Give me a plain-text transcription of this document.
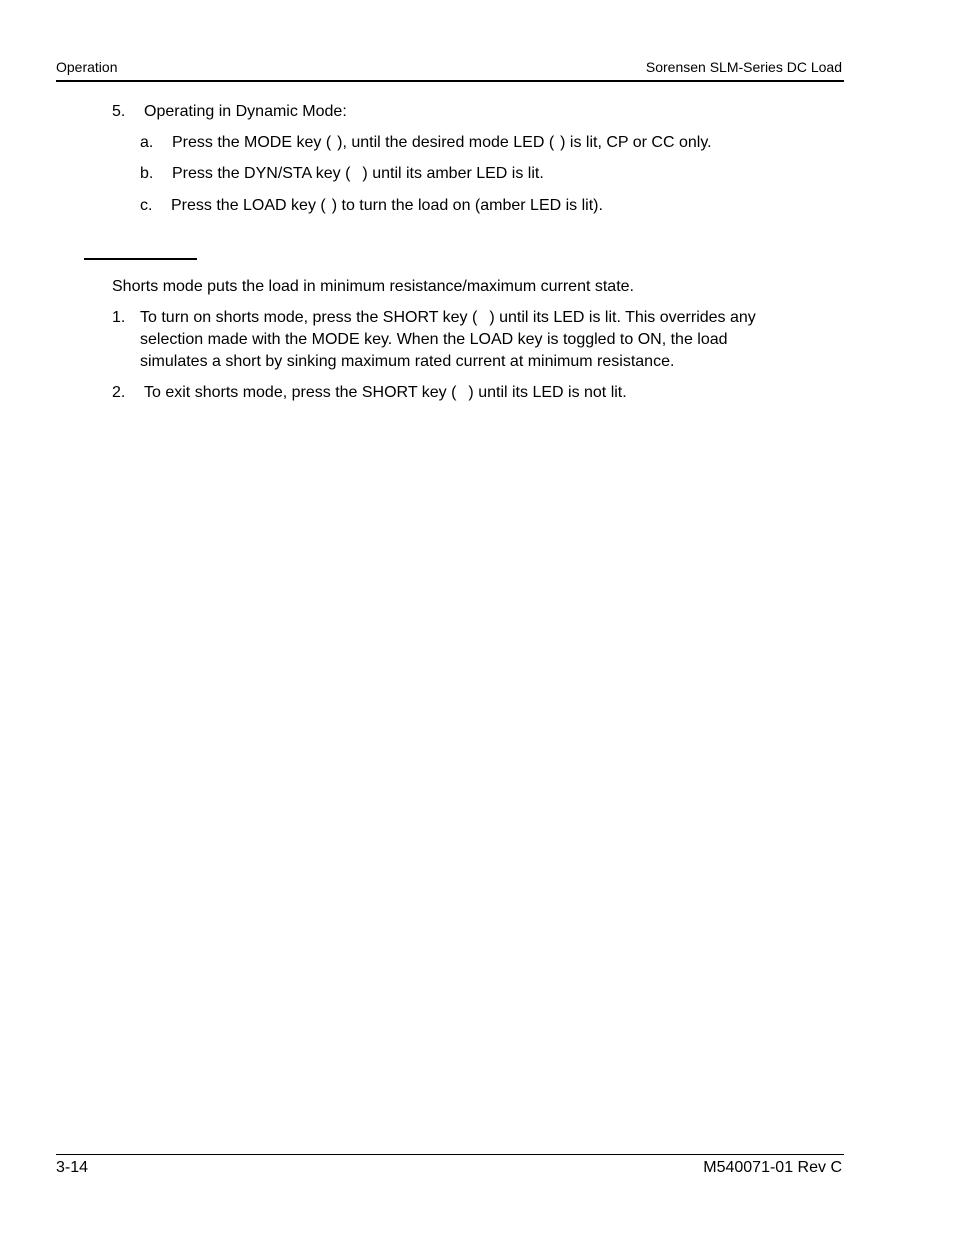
Operation	Sorensen SLM-Series DC Load
5. Operating in Dynamic Mode:
a. Press the MODE key ( ), until the desired mode LED ( ) is lit, CP or CC only.
b. Press the DYN/STA key ( ) until its amber LED is lit.
c. Press the LOAD key ( ) to turn the load on (amber LED is lit).
Shorts mode puts the load in minimum resistance/maximum current state.
1. To turn on shorts mode, press the SHORT key ( ) until its LED is lit. This overrides any
selection made with the MODE key. When the LOAD key is toggled to ON, the load
simulates a short by sinking maximum rated current at minimum resistance.
2. To exit shorts mode, press the SHORT key ( ) until its LED is not lit.
3-14	M540071-01 Rev C
